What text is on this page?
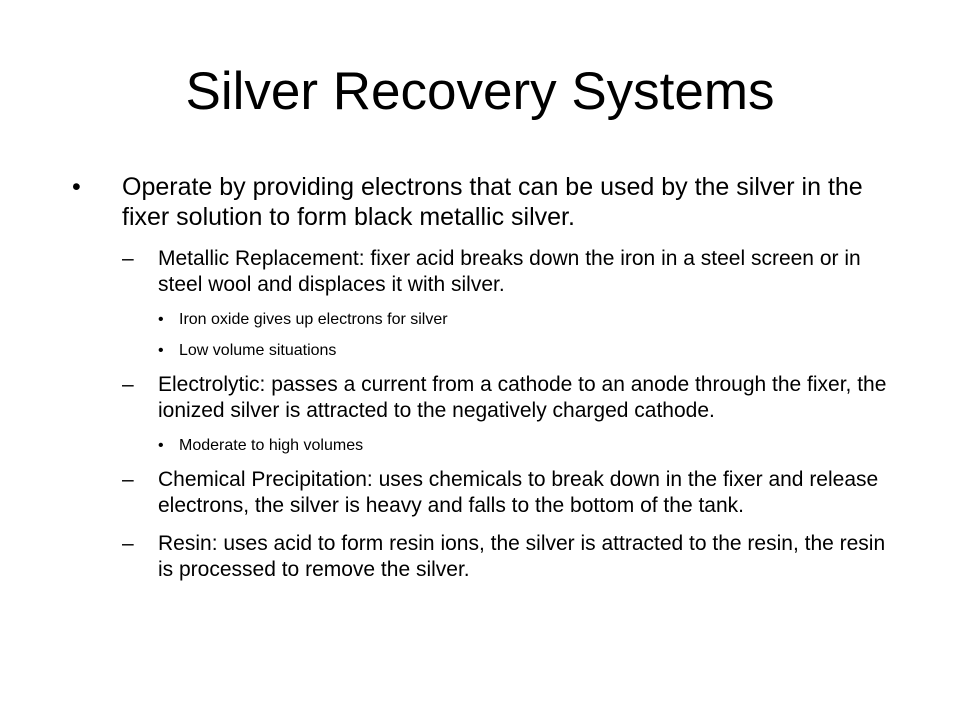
Silver Recovery Systems
• Operate by providing electrons that can be used by the silver in the fixer solution to form black metallic silver.
– Metallic Replacement: fixer acid breaks down the iron in a steel screen or in steel wool and displaces it with silver.
• Iron oxide gives up electrons for silver
• Low volume situations
– Electrolytic: passes a current from a cathode to an anode through the fixer, the ionized silver is attracted to the negatively charged cathode.
• Moderate to high volumes
– Chemical Precipitation: uses chemicals to break down in the fixer and release electrons, the silver is heavy and falls to the bottom of the tank.
– Resin: uses acid to form resin ions, the silver is attracted to the resin, the resin is processed to remove the silver.
